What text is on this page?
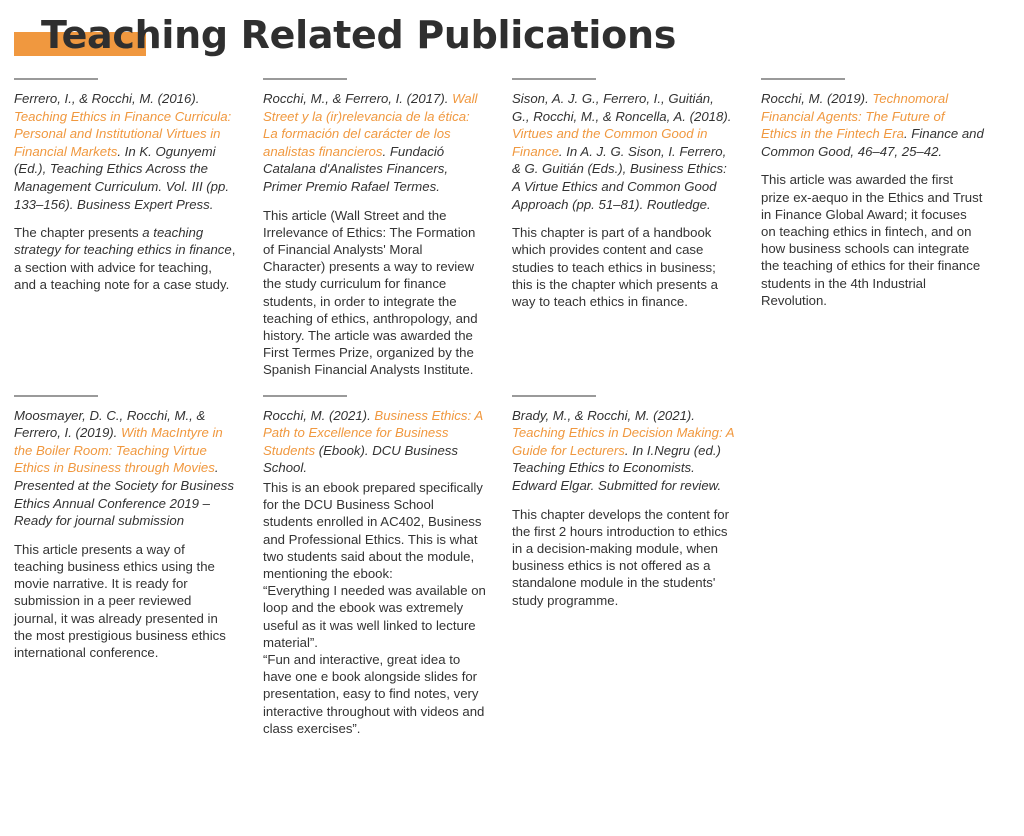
Teaching Related Publications

Ferrero, I., & Rocchi, M. (2016). Teaching Ethics in Finance Curricula: Personal and Institutional Virtues in Financial Markets. In K. Ogunyemi (Ed.), Teaching Ethics Across the Management Curriculum. Vol. III (pp. 133–156). Business Expert Press.

The chapter presents a teaching strategy for teaching ethics in finance, a section with advice for teaching, and a teaching note for a case study.

Rocchi, M., & Ferrero, I. (2017). Wall Street y la (ir)relevancia de la ética: La formación del carácter de los analistas financieros. Fundació Catalana d'Analistes Financers, Primer Premio Rafael Termes.

This article (Wall Street and the Irrelevance of Ethics: The Formation of Financial Analysts' Moral Character) presents a way to review the study curriculum for finance students, in order to integrate the teaching of ethics, anthropology, and history. The article was awarded the First Termes Prize, organized by the Spanish Financial Analysts Institute.

Sison, A. J. G., Ferrero, I., Guitián, G., Rocchi, M., & Roncella, A. (2018). Virtues and the Common Good in Finance. In A. J. G. Sison, I. Ferrero, & G. Guitián (Eds.), Business Ethics: A Virtue Ethics and Common Good Approach (pp. 51–81). Routledge.

This chapter is part of a handbook which provides content and case studies to teach ethics in business; this is the chapter which presents a way to teach ethics in finance.

Rocchi, M. (2019). Technomoral Financial Agents: The Future of Ethics in the Fintech Era. Finance and Common Good, 46–47, 25–42.

This article was awarded the first prize ex-aequo in the Ethics and Trust in Finance Global Award; it focuses on teaching ethics in fintech, and on how business schools can integrate the teaching of ethics for their finance students in the 4th Industrial Revolution.

Moosmayer, D. C., Rocchi, M., & Ferrero, I. (2019). With MacIntyre in the Boiler Room: Teaching Virtue Ethics in Business through Movies. Presented at the Society for Business Ethics Annual Conference 2019 – Ready for journal submission

This article presents a way of teaching business ethics using the movie narrative. It is ready for submission in a peer reviewed journal, it was already presented in the most prestigious business ethics international conference.

Rocchi, M. (2021). Business Ethics: A Path to Excellence for Business Students (Ebook). DCU Business School.

This is an ebook prepared specifically for the DCU Business School students enrolled in AC402, Business and Professional Ethics. This is what two students said about the module, mentioning the ebook:
“Everything I needed was available on loop and the ebook was extremely useful as it was well linked to lecture material”.
“Fun and interactive, great idea to have one e book alongside slides for presentation, easy to find notes, very interactive throughout with videos and class exercises”.

Brady, M., & Rocchi, M. (2021). Teaching Ethics in Decision Making: A Guide for Lecturers. In I.Negru (ed.) Teaching Ethics to Economists. Edward Elgar. Submitted for review.

This chapter develops the content for the first 2 hours introduction to ethics in a decision-making module, when business ethics is not offered as a standalone module in the students' study programme.
